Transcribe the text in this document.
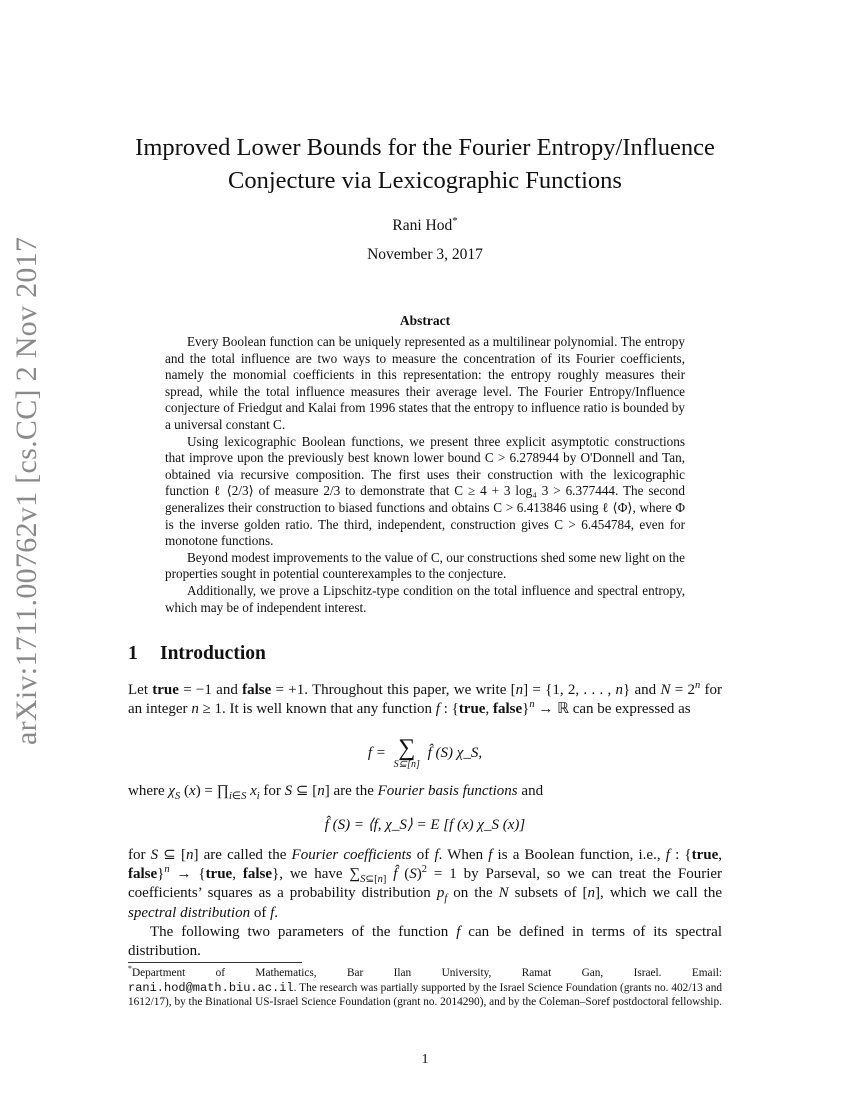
arXiv:1711.00762v1 [cs.CC] 2 Nov 2017
Improved Lower Bounds for the Fourier Entropy/Influence
Conjecture via Lexicographic Functions
Rani Hod*
November 3, 2017
Abstract

Every Boolean function can be uniquely represented as a multilinear polynomial. The entropy and the total influence are two ways to measure the concentration of its Fourier coefficients, namely the monomial coefficients in this representation: the entropy roughly measures their spread, while the total influence measures their average level. The Fourier Entropy/Influence conjecture of Friedgut and Kalai from 1996 states that the entropy to influence ratio is bounded by a universal constant C.

Using lexicographic Boolean functions, we present three explicit asymptotic constructions that improve upon the previously best known lower bound C > 6.278944 by O'Donnell and Tan, obtained via recursive composition. The first uses their construction with the lexicographic function ℓ ⟨2/3⟩ of measure 2/3 to demonstrate that C ≥ 4 + 3 log₄ 3 > 6.377444. The second generalizes their construction to biased functions and obtains C > 6.413846 using ℓ ⟨Φ⟩, where Φ is the inverse golden ratio. The third, independent, construction gives C > 6.454784, even for monotone functions.

Beyond modest improvements to the value of C, our constructions shed some new light on the properties sought in potential counterexamples to the conjecture.

Additionally, we prove a Lipschitz-type condition on the total influence and spectral entropy, which may be of independent interest.

1 Introduction

Let true = −1 and false = +1. Throughout this paper, we write [n] = {1, 2, . . . , n} and $N = 2^n$ for an integer n ≥ 1. It is well known that any function f : {true, false}$^n$ → ℝ can be expressed as

f = ∑
S⊆[n]
f̂ (S) χ_S,

where $\chi_S$ $(x) = \prod_{i\in S}$ $x_i$ for S ⊆ [n] are the Fourier basis functions and

f̂ (S) = ⟨f, χ_S⟩ = E [f (x) χ_S (x)]

for S ⊆ [n] are called the Fourier coefficients of f. When f is a Boolean function, i.e., f : {true, false}$^n$ → {true, false}, we have $\sum_{S⊆[n]}$ f̂ $(S)^2 = 1$ by Parseval, so we can treat the Fourier coefficients’ squares as a probability distribution $p_f$ on the N subsets of [n], which we call the spectral distribution of f.

The following two parameters of the function f can be defined in terms of its spectral distribution.

*Department of Mathematics, Bar Ilan University, Ramat Gan, Israel. Email:

rani.hod@math.biu.ac.il. The research was partially supported by the Israel Science Foundation (grants no. 402/13 and 1612/17), by the Binational US-Israel Science Foundation (grant no. 2014290), and by the Coleman–Soref postdoctoral fellowship.

1
